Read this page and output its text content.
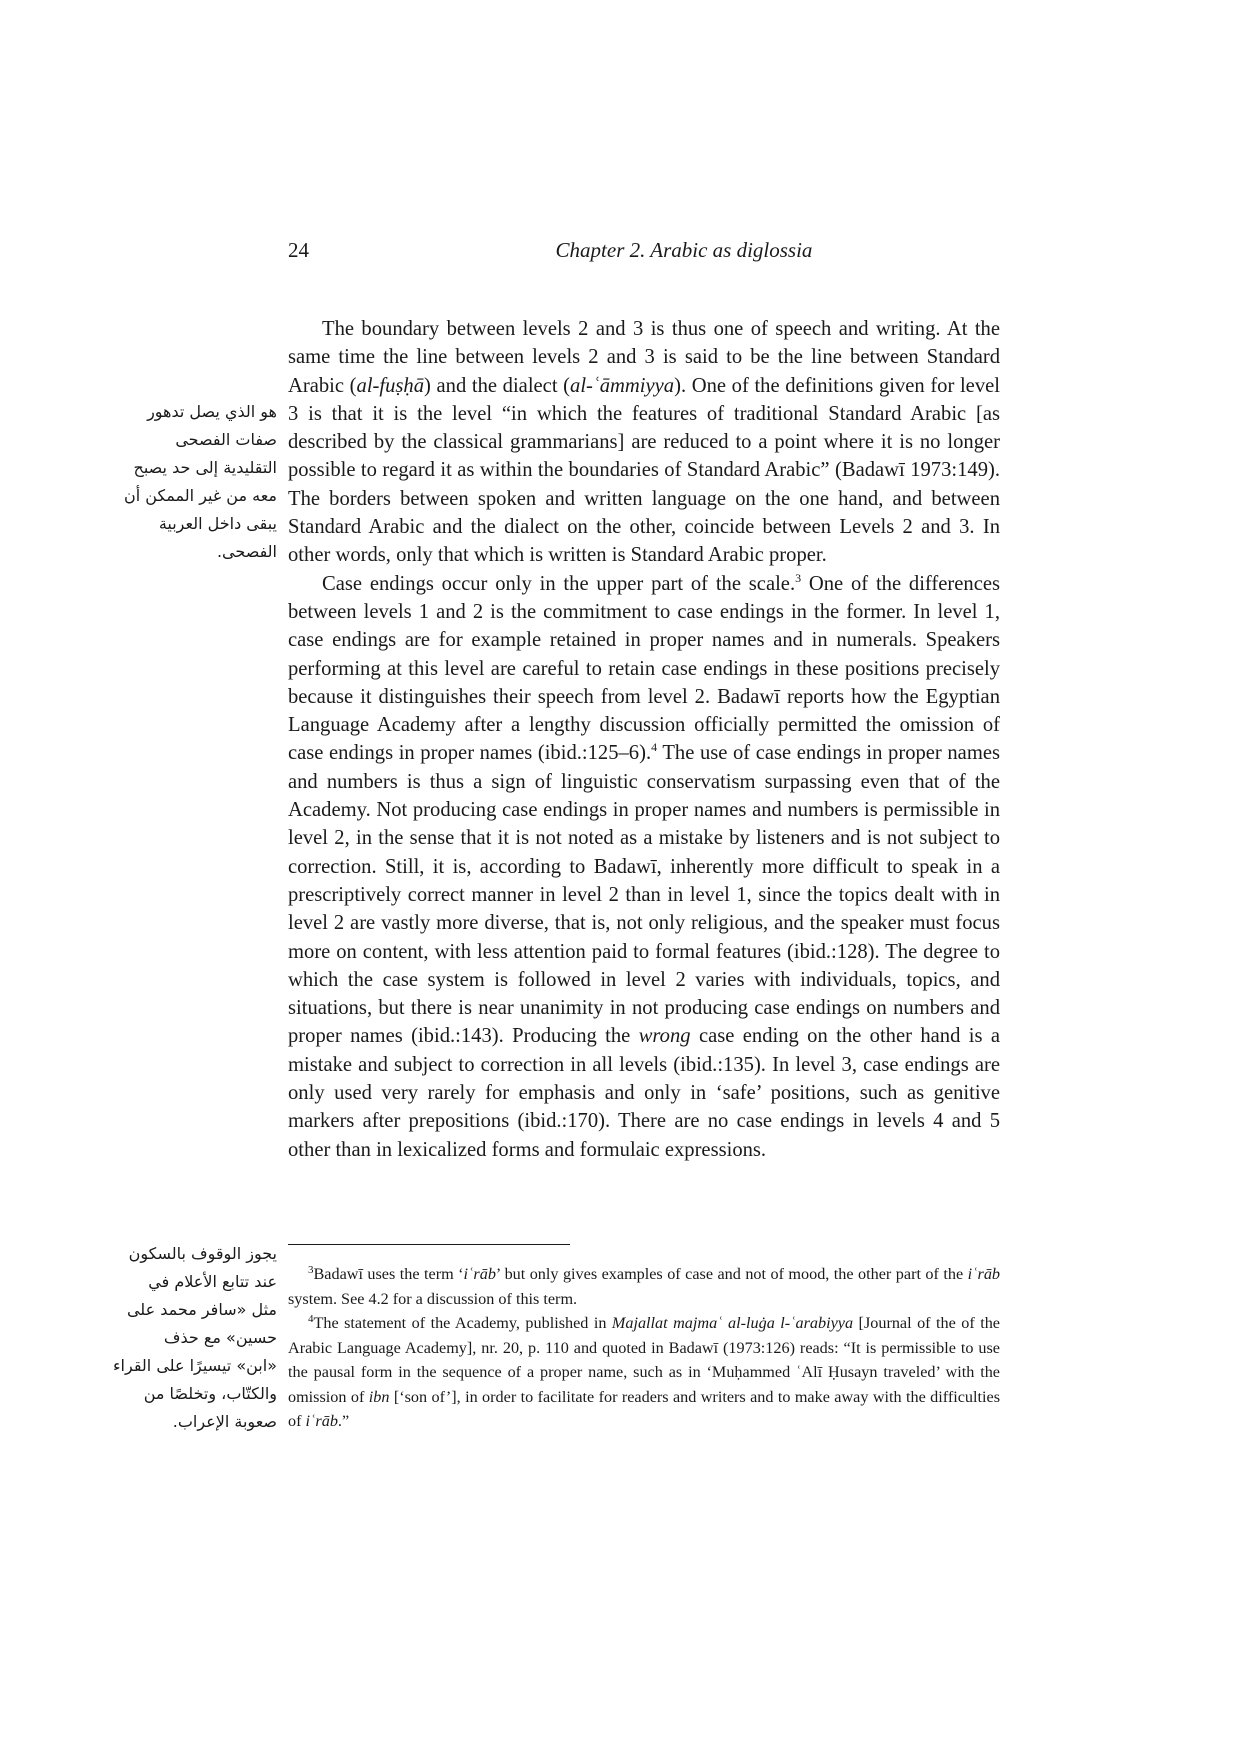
24	Chapter 2. Arabic as diglossia
هو الذي يصل تدهور
صفات الفصحى
التقليدية إلى حد يصبح
معه من غير الممكن أن
يبقى داخل العربية
الفصحى.
يجوز الوقوف بالسكون
عند تتابع الأعلام في
مثل «سافر محمد على
حسين» مع حذف
«ابن» تيسيرًا على القراء
والكتّاب، وتخلصًا من
صعوبة الإعراب.

The boundary between levels 2 and 3 is thus one of speech and writing. At the same time the line between levels 2 and 3 is said to be the line between Standard Arabic (al-fuṣḥā) and the dialect (al-ʿāmmiyya). One of the definitions given for level 3 is that it is the level “in which the features of traditional Standard Arabic [as described by the classical grammarians] are reduced to a point where it is no longer possible to regard it as within the boundaries of Standard Arabic” (Badawī 1973:149). The borders between spoken and written language on the one hand, and between Standard Arabic and the dialect on the other, coincide between Levels 2 and 3. In other words, only that which is written is Standard Arabic proper.

Case endings occur only in the upper part of the scale.$^3$ One of the differences between levels 1 and 2 is the commitment to case endings in the former. In level 1, case endings are for example retained in proper names and in numerals. Speakers performing at this level are careful to retain case endings in these positions precisely because it distinguishes their speech from level 2. Badawī reports how the Egyptian Language Academy after a lengthy discussion officially permitted the omission of case endings in proper names (ibid.:125–6).$^4$ The use of case endings in proper names and numbers is thus a sign of linguistic conservatism surpassing even that of the Academy. Not producing case endings in proper names and numbers is permissible in level 2, in the sense that it is not noted as a mistake by listeners and is not subject to correction. Still, it is, according to Badawī, inherently more difficult to speak in a prescriptively correct manner in level 2 than in level 1, since the topics dealt with in level 2 are vastly more diverse, that is, not only religious, and the speaker must focus more on content, with less attention paid to formal features (ibid.:128). The degree to which the case system is followed in level 2 varies with individuals, topics, and situations, but there is near unanimity in not producing case endings on numbers and proper names (ibid.:143). Producing the wrong case ending on the other hand is a mistake and subject to correction in all levels (ibid.:135). In level 3, case endings are only used very rarely for emphasis and only in ‘safe’ positions, such as genitive markers after prepositions (ibid.:170). There are no case endings in levels 4 and 5 other than in lexicalized forms and formulaic expressions.

$^3$Badawī uses the term ‘iʿrāb’ but only gives examples of case and not of mood, the other part of the iʿrāb system. See 4.2 for a discussion of this term.

$^4$The statement of the Academy, published in Majallat majmaʿ al-luġa l-ʿarabiyya [Journal of the of the Arabic Language Academy], nr. 20, p. 110 and quoted in Badawī (1973:126) reads: “It is permissible to use the pausal form in the sequence of a proper name, such as in ‘Muḥammed ʿAlī Ḥusayn traveled’ with the omission of ibn [‘son of’], in order to facilitate for readers and writers and to make away with the difficulties of iʿrāb.”
